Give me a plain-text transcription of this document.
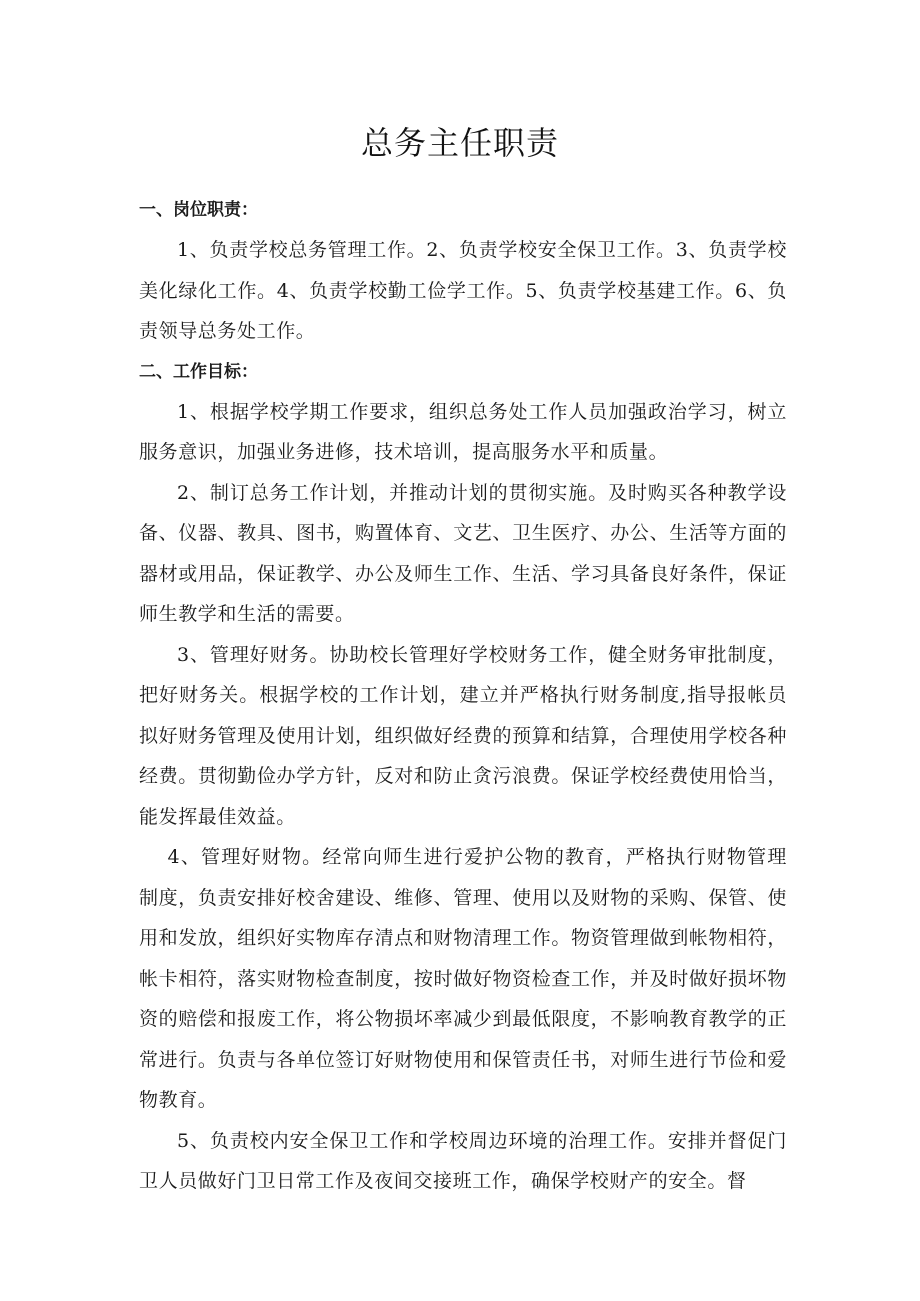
总务主任职责

一、岗位职责：

1、负责学校总务管理工作。2、负责学校安全保卫工作。3、负责学校美化绿化工作。4、负责学校勤工俭学工作。5、负责学校基建工作。6、负责领导总务处工作。

二、工作目标：

1、根据学校学期工作要求，组织总务处工作人员加强政治学习，树立服务意识，加强业务进修，技术培训，提高服务水平和质量。

2、制订总务工作计划，并推动计划的贯彻实施。及时购买各种教学设备、仪器、教具、图书，购置体育、文艺、卫生医疗、办公、生活等方面的器材或用品，保证教学、办公及师生工作、生活、学习具备良好条件，保证师生教学和生活的需要。

3、管理好财务。协助校长管理好学校财务工作，健全财务审批制度，把好财务关。根据学校的工作计划，建立并严格执行财务制度,指导报帐员拟好财务管理及使用计划，组织做好经费的预算和结算，合理使用学校各种经费。贯彻勤俭办学方针，反对和防止贪污浪费。保证学校经费使用恰当，能发挥最佳效益。

4、管理好财物。经常向师生进行爱护公物的教育，严格执行财物管理制度，负责安排好校舍建设、维修、管理、使用以及财物的采购、保管、使用和发放，组织好实物库存清点和财物清理工作。物资管理做到帐物相符，帐卡相符，落实财物检查制度，按时做好物资检查工作，并及时做好损坏物资的赔偿和报废工作，将公物损坏率减少到最低限度，不影响教育教学的正常进行。负责与各单位签订好财物使用和保管责任书，对师生进行节俭和爱物教育。

5、负责校内安全保卫工作和学校周边环境的治理工作。安排并督促门卫人员做好门卫日常工作及夜间交接班工作，确保学校财产的安全。督
